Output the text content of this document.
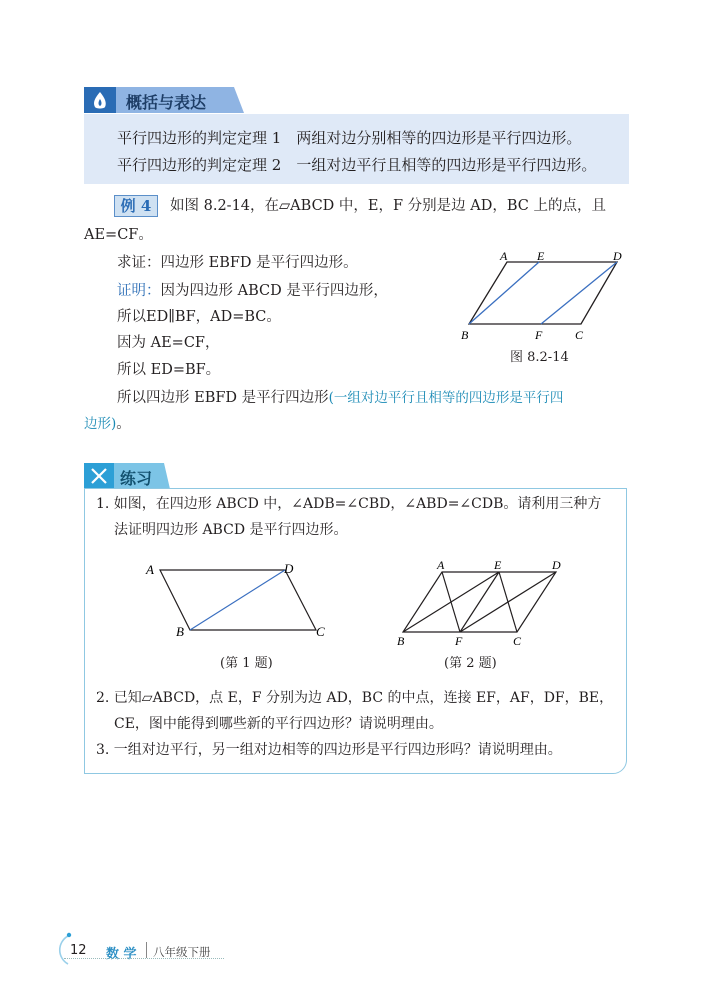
概括与表达
平行四边形的判定定理 1　两组对边分别相等的四边形是平行四边形。
平行四边形的判定定理 2　一组对边平行且相等的四边形是平行四边形。
例 4	如图 8.2-14，在▱ABCD 中，E，F 分别是边 AD，BC 上的点，且
AE=CF。
求证：四边形 EBFD 是平行四边形。
证明：因为四边形 ABCD 是平行四边形，
所以ED∥BF，AD=BC。
因为 AE=CF，
所以 ED=BF。
所以四边形 EBFD 是平行四边形(一组对边平行且相等的四边形是平行四
边形)。
A E	D
B	F	C
图 8.2-14
练习
1. 如图，在四边形 ABCD 中，∠ADB=∠CBD，∠ABD=∠CDB。请利用三种方
法证明四边形 ABCD 是平行四边形。
A	D
B	C
(第 1 题)
A	E	D
B	F	C
(第 2 题)
2. 已知▱ABCD，点 E，F 分别为边 AD，BC 的中点，连接 EF，AF，DF，BE，
CE，图中能得到哪些新的平行四边形？请说明理由。
3. 一组对边平行，另一组对边相等的四边形是平行四边形吗？请说明理由。
12 数 学 八年级下册
